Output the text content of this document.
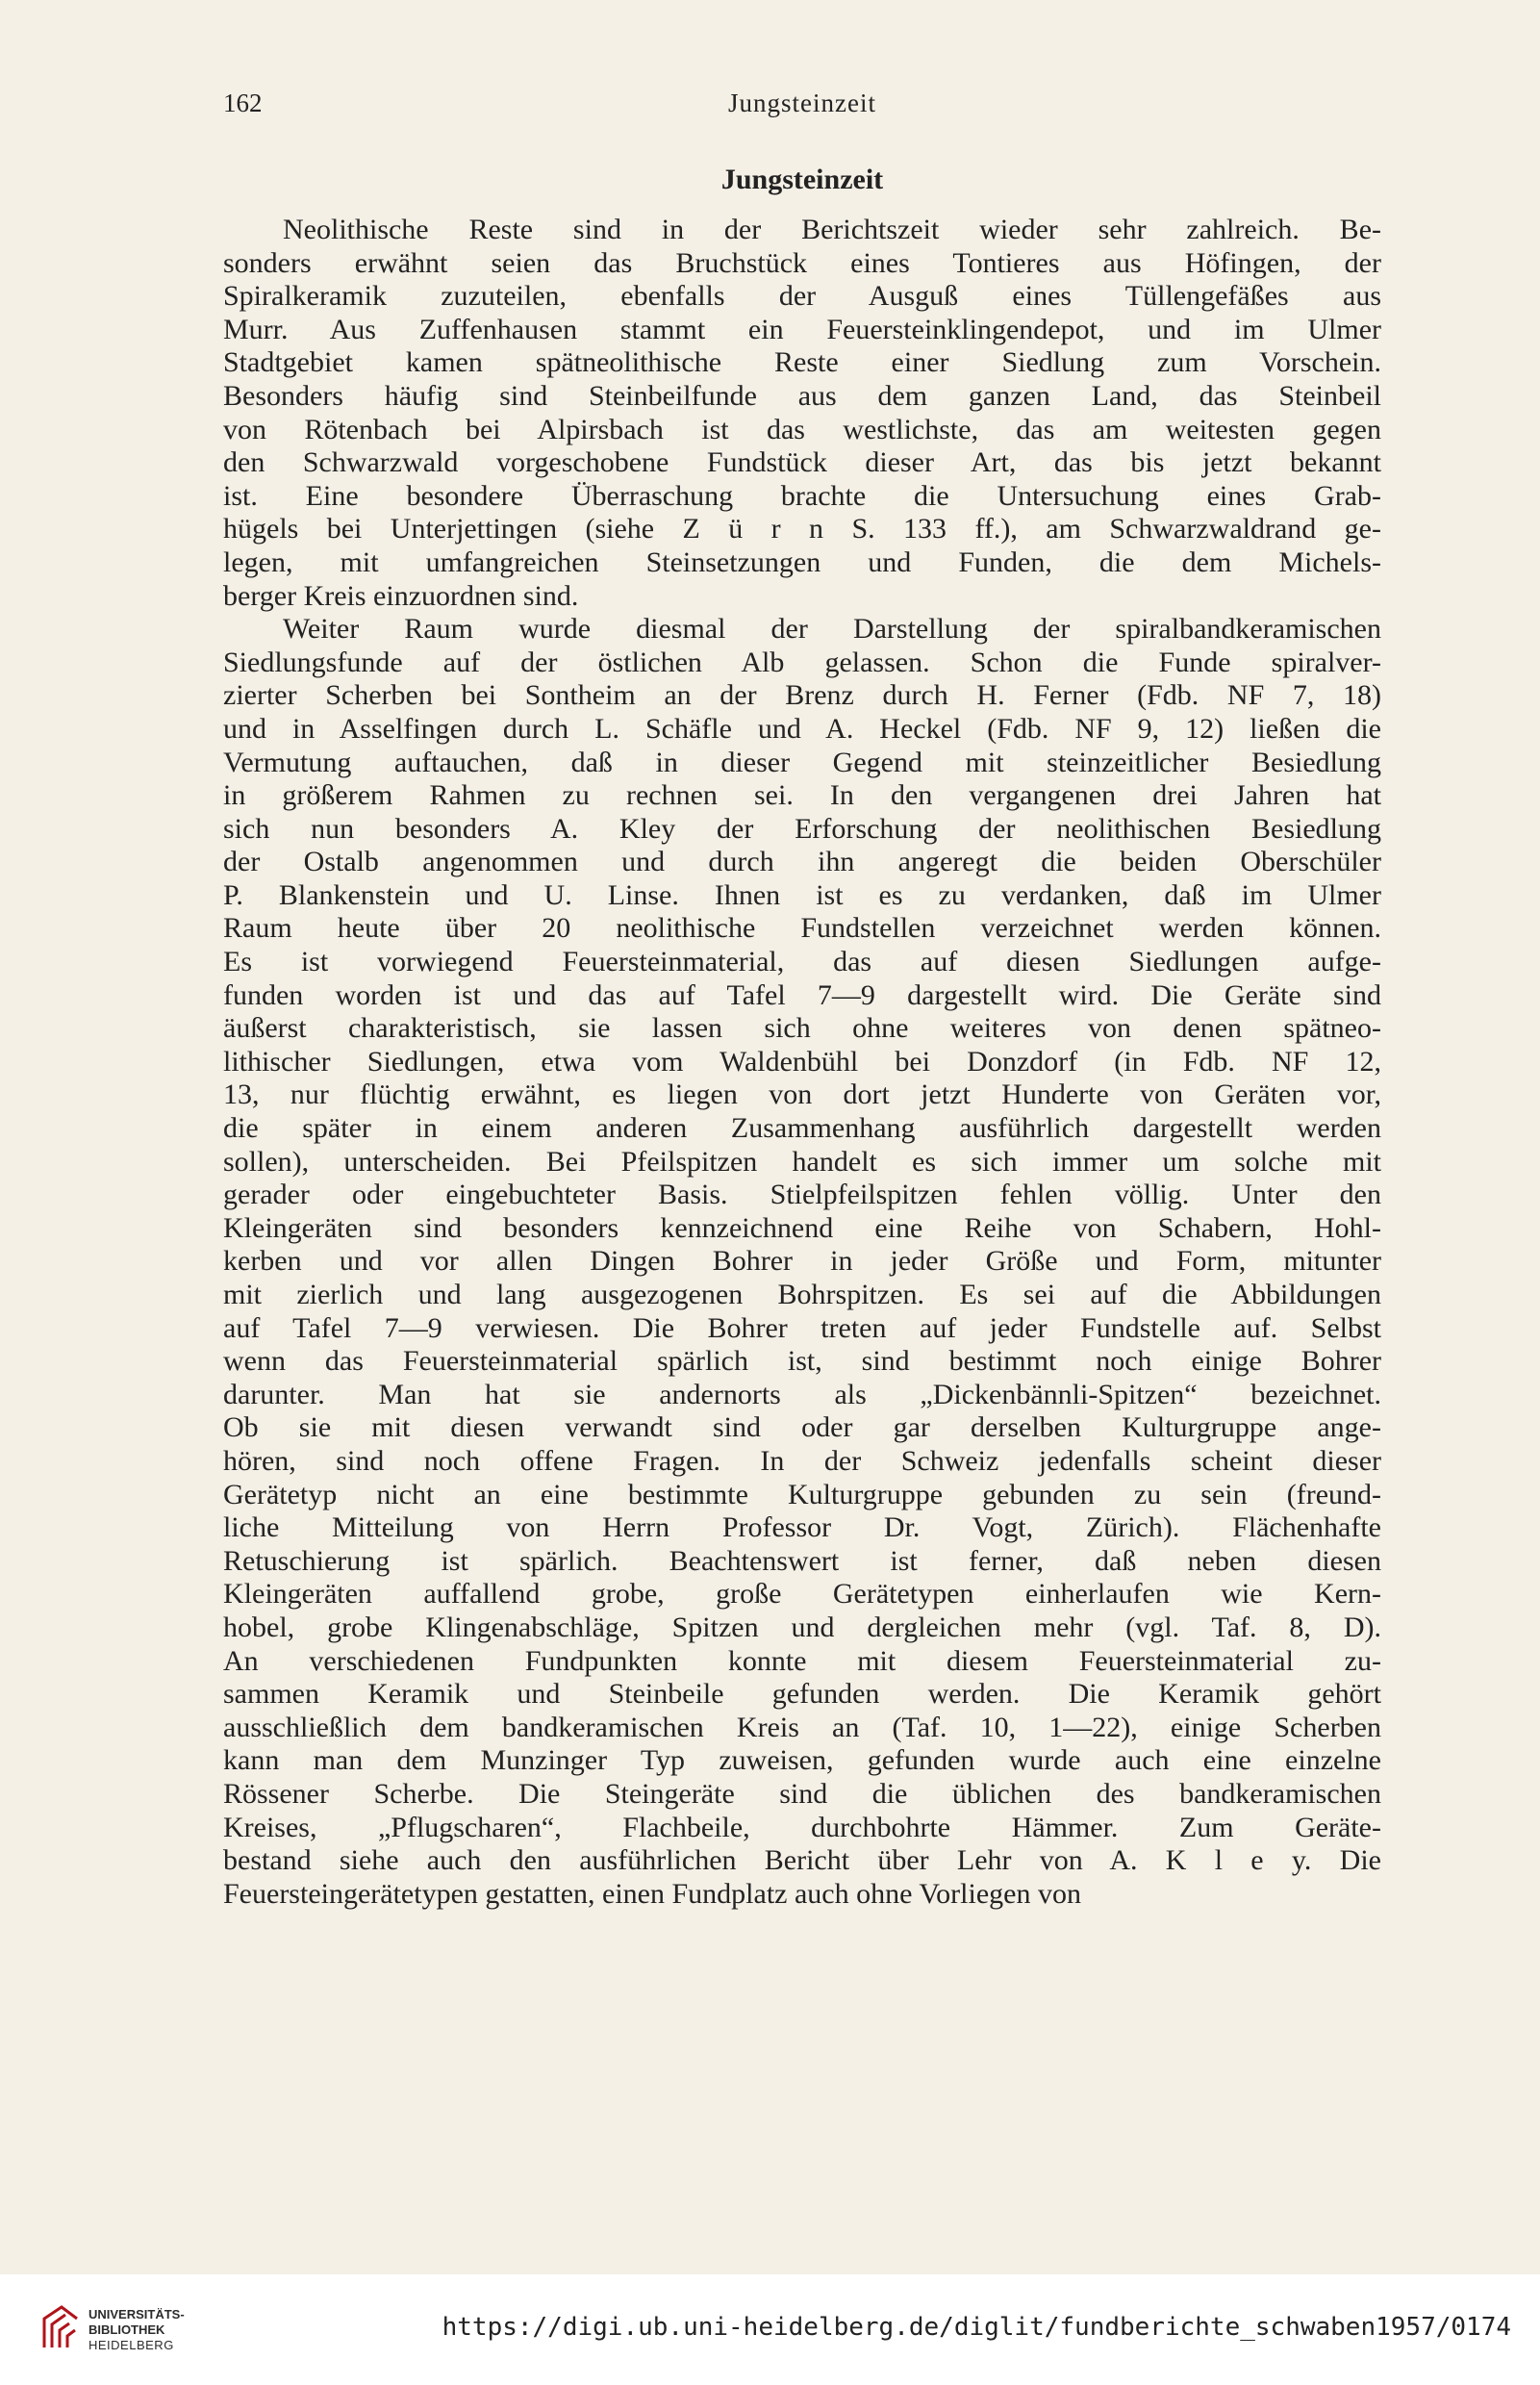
162	Jungsteinzeit
Jungsteinzeit
Neolithische Reste sind in der Berichtszeit wieder sehr zahlreich. Be-
sonders erwähnt seien das Bruchstück eines Tontieres aus Höfingen, der
Spiralkeramik zuzuteilen, ebenfalls der Ausguß eines Tüllengefäßes aus
Murr. Aus Zuffenhausen stammt ein Feuersteinklingendepot, und im Ulmer
Stadtgebiet kamen spätneolithische Reste einer Siedlung zum Vorschein.
Besonders häufig sind Steinbeilfunde aus dem ganzen Land, das Steinbeil
von Rötenbach bei Alpirsbach ist das westlichste, das am weitesten gegen
den Schwarzwald vorgeschobene Fundstück dieser Art, das bis jetzt bekannt
ist. Eine besondere Überraschung brachte die Untersuchung eines Grab-
hügels bei Unterjettingen (siehe Z ü r n S. 133 ff.), am Schwarzwaldrand ge-
legen, mit umfangreichen Steinsetzungen und Funden, die dem Michels-
berger Kreis einzuordnen sind.
Weiter Raum wurde diesmal der Darstellung der spiralbandkeramischen
Siedlungsfunde auf der östlichen Alb gelassen. Schon die Funde spiralver-
zierter Scherben bei Sontheim an der Brenz durch H. Ferner (Fdb. NF 7, 18)
und in Asselfingen durch L. Schäfle und A. Heckel (Fdb. NF 9, 12) ließen die
Vermutung auftauchen, daß in dieser Gegend mit steinzeitlicher Besiedlung
in größerem Rahmen zu rechnen sei. In den vergangenen drei Jahren hat
sich nun besonders A. Kley der Erforschung der neolithischen Besiedlung
der Ostalb angenommen und durch ihn angeregt die beiden Oberschüler
P. Blankenstein und U. Linse. Ihnen ist es zu verdanken, daß im Ulmer
Raum heute über 20 neolithische Fundstellen verzeichnet werden können.
Es ist vorwiegend Feuersteinmaterial, das auf diesen Siedlungen aufge-
funden worden ist und das auf Tafel 7—9 dargestellt wird. Die Geräte sind
äußerst charakteristisch, sie lassen sich ohne weiteres von denen spätneo-
lithischer Siedlungen, etwa vom Waldenbühl bei Donzdorf (in Fdb. NF 12,
13, nur flüchtig erwähnt, es liegen von dort jetzt Hunderte von Geräten vor,
die später in einem anderen Zusammenhang ausführlich dargestellt werden
sollen), unterscheiden. Bei Pfeilspitzen handelt es sich immer um solche mit
gerader oder eingebuchteter Basis. Stielpfeilspitzen fehlen völlig. Unter den
Kleingeräten sind besonders kennzeichnend eine Reihe von Schabern, Hohl-
kerben und vor allen Dingen Bohrer in jeder Größe und Form, mitunter
mit zierlich und lang ausgezogenen Bohrspitzen. Es sei auf die Abbildungen
auf Tafel 7—9 verwiesen. Die Bohrer treten auf jeder Fundstelle auf. Selbst
wenn das Feuersteinmaterial spärlich ist, sind bestimmt noch einige Bohrer
darunter. Man hat sie andernorts als „Dickenbännli-Spitzen“ bezeichnet.
Ob sie mit diesen verwandt sind oder gar derselben Kulturgruppe ange-
hören, sind noch offene Fragen. In der Schweiz jedenfalls scheint dieser
Gerätetyp nicht an eine bestimmte Kulturgruppe gebunden zu sein (freund-
liche Mitteilung von Herrn Professor Dr. Vogt, Zürich). Flächenhafte
Retuschierung ist spärlich. Beachtenswert ist ferner, daß neben diesen
Kleingeräten auffallend grobe, große Gerätetypen einherlaufen wie Kern-
hobel, grobe Klingenabschläge, Spitzen und dergleichen mehr (vgl. Taf. 8, D).
An verschiedenen Fundpunkten konnte mit diesem Feuersteinmaterial zu-
sammen Keramik und Steinbeile gefunden werden. Die Keramik gehört
ausschließlich dem bandkeramischen Kreis an (Taf. 10, 1—22), einige Scherben
kann man dem Munzinger Typ zuweisen, gefunden wurde auch eine einzelne
Rössener Scherbe. Die Steingeräte sind die üblichen des bandkeramischen
Kreises, „Pflugscharen“, Flachbeile, durchbohrte Hämmer. Zum Geräte-
bestand siehe auch den ausführlichen Bericht über Lehr von A. K l e y. Die
Feuersteingerätetypen gestatten, einen Fundplatz auch ohne Vorliegen von
UNIVERSITÄTS-
BIBLIOTHEK
HEIDELBERG
https://digi.ub.uni-heidelberg.de/diglit/fundberichte_schwaben1957/0174
